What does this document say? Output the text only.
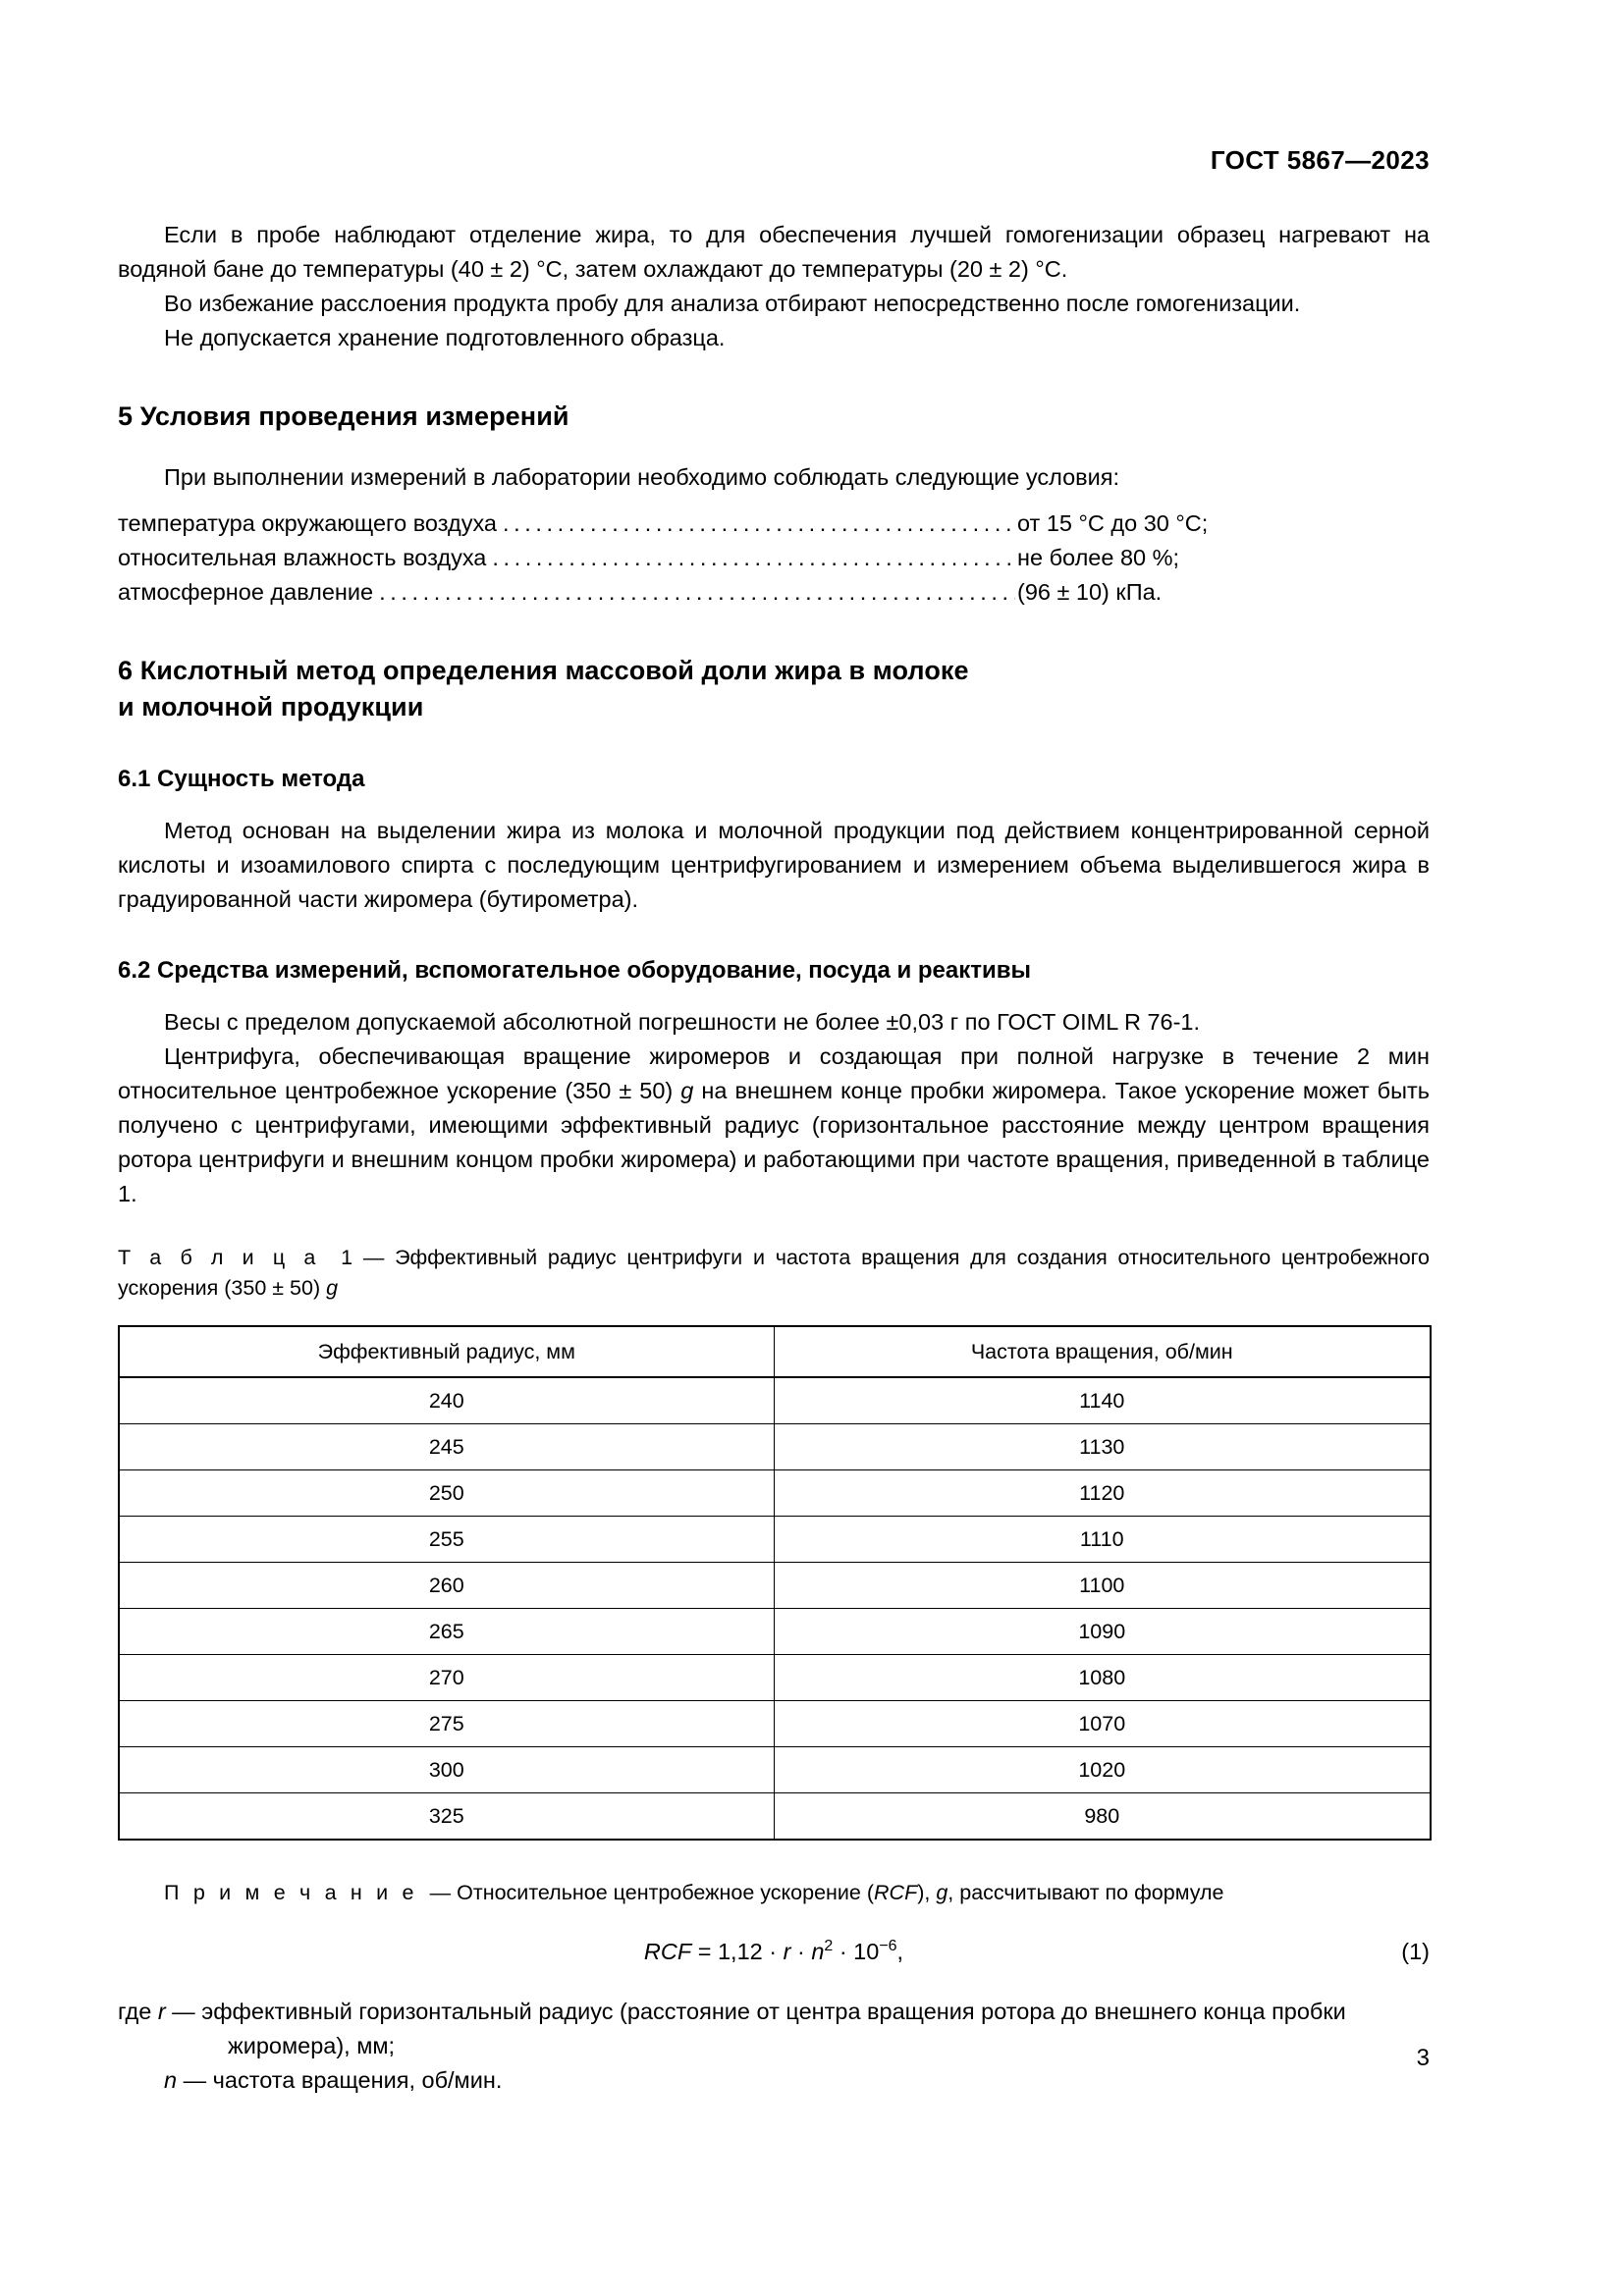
ГОСТ 5867—2023

Если в пробе наблюдают отделение жира, то для обеспечения лучшей гомогенизации образец нагревают на водяной бане до температуры (40 ± 2) °C, затем охлаждают до температуры (20 ± 2) °C.

Во избежание расслоения продукта пробу для анализа отбирают непосредственно после гомогенизации.

Не допускается хранение подготовленного образца.

5 Условия проведения измерений

При выполнении измерений в лаборатории необходимо соблюдать следующие условия:

температура окружающего воздуха .....	от 15 °C до 30 °C;
относительная влажность воздуха .....	не более 80 %;
атмосферное давление .....	(96 ± 10) кПа.
6 Кислотный метод определения массовой доли жира в молоке
и молочной продукции
6.1 Сущность метода

Метод основан на выделении жира из молока и молочной продукции под действием концентрированной серной кислоты и изоамилового спирта с последующим центрифугированием и измерением объема выделившегося жира в градуированной части жиромера (бутирометра).

6.2 Средства измерений, вспомогательное оборудование, посуда и реактивы

Весы с пределом допускаемой абсолютной погрешности не более ±0,03 г по ГОСТ OIML R 76-1.

Центрифуга, обеспечивающая вращение жиромеров и создающая при полной нагрузке в течение 2 мин относительное центробежное ускорение (350 ± 50) g на внешнем конце пробки жиромера. Такое ускорение может быть получено с центрифугами, имеющими эффективный радиус (горизонтальное расстояние между центром вращения ротора центрифуги и внешним концом пробки жиромера) и работающими при частоте вращения, приведенной в таблице 1.

Т а б л и ц а 1 — Эффективный радиус центрифуги и частота вращения для создания относительного центробежного ускорения (350 ± 50) g

Эффективный радиус, мм	Частота вращения, об/мин
240	1140
245	1130
250	1120
255	1110
260	1100
265	1090
270	1080
275	1070
300	1020
325	980

П р и м е ч а н и е — Относительное центробежное ускорение (RCF), g, рассчитывают по формуле

RCF = $1,12 \cdot r \cdot n^2 \cdot 10^{-6}$,	(1)

где r — эффективный горизонтальный радиус (расстояние от центра вращения ротора до внешнего конца пробки

жиромера), мм;

n — частота вращения, об/мин.

3
